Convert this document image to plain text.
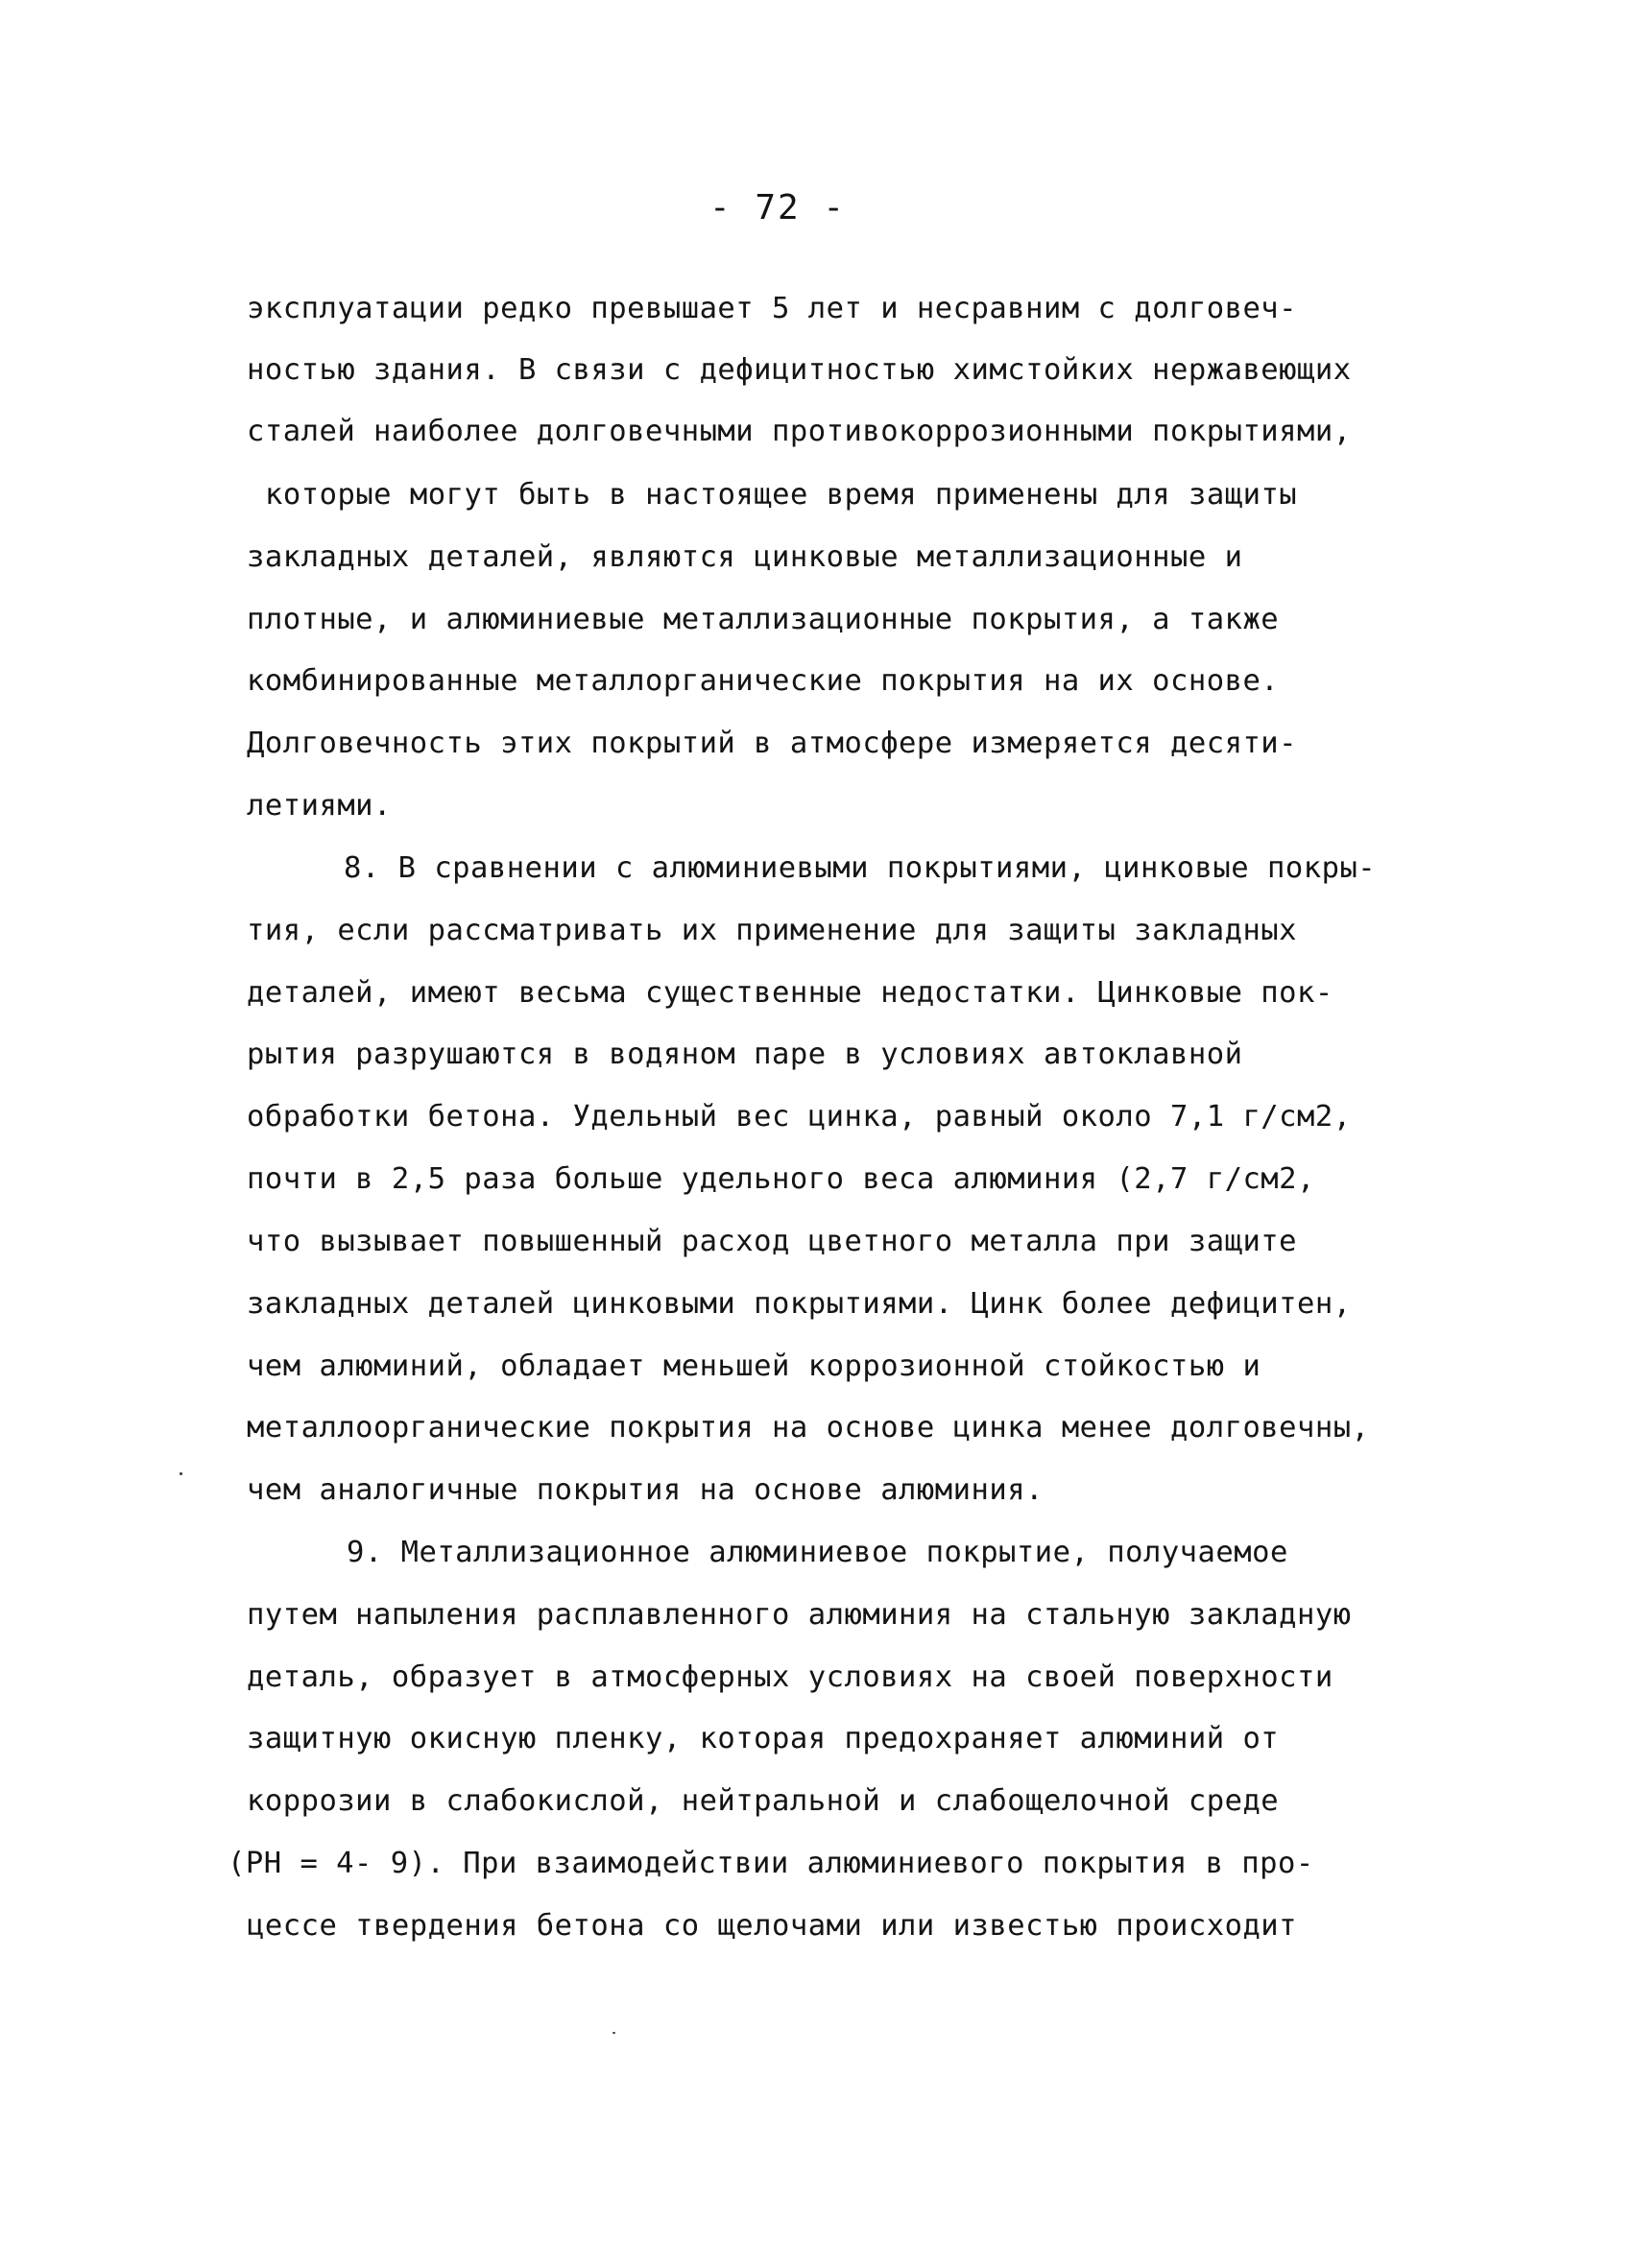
- 72 -
эксплуатации редко превышает 5 лет и несравним с долговеч-
ностью здания. В связи с дефицитностью химстойких нержавеющих
сталей наиболее долговечными противокоррозионными покрытиями,
которые могут быть в настоящее время применены для защиты
закладных деталей, являются цинковые металлизационные и
плотные, и алюминиевые металлизационные покрытия, а также
комбинированные металлорганические покрытия на их основе.
Долговечность этих покрытий в атмосфере измеряется десяти-
летиями.
8. В сравнении с алюминиевыми покрытиями, цинковые покры-
тия, если рассматривать их применение для защиты закладных
деталей, имеют весьма существенные недостатки. Цинковые пок-
рытия разрушаются в водяном паре в условиях автоклавной
обработки бетона. Удельный вес цинка, равный около 7,1 г/см2,
почти в 2,5 раза больше удельного веса алюминия (2,7 г/см2,
что вызывает повышенный расход цветного металла при защите
закладных деталей цинковыми покрытиями. Цинк более дефицитен,
чем алюминий, обладает меньшей коррозионной стойкостью и
металлоорганические покрытия на основе цинка менее долговечны,
чем аналогичные покрытия на основе алюминия.
9. Металлизационное алюминиевое покрытие, получаемое
путем напыления расплавленного алюминия на стальную закладную
деталь, образует в атмосферных условиях на своей поверхности
защитную окисную пленку, которая предохраняет алюминий от
коррозии в слабокислой, нейтральной и слабощелочной среде
(PH = 4- 9). При взаимодействии алюминиевого покрытия в про-
цессе твердения бетона со щелочами или известью происходит
